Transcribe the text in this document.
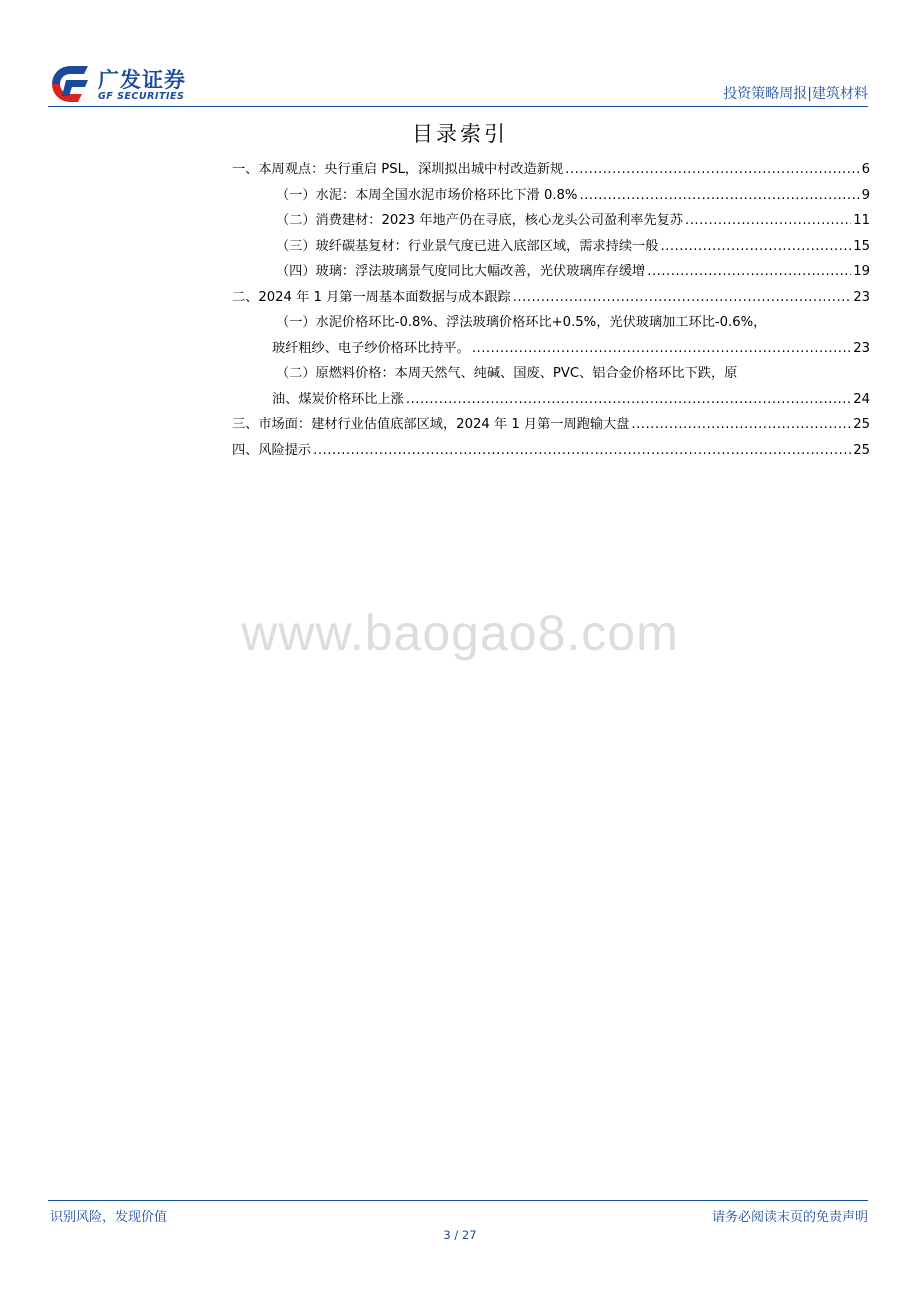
广发证券
GF SECURITIES	投资策略周报|建筑材料
目录索引
一、本周观点：央行重启 PSL，深圳拟出城中村改造新规 .....	6
（一）水泥：本周全国水泥市场价格环比下滑 0.8% .....	9
（二）消费建材：2023 年地产仍在寻底，核心龙头公司盈利率先复苏 .....	11
（三）玻纤碳基复材：行业景气度已进入底部区域，需求持续一般 .....	15
（四）玻璃：浮法玻璃景气度同比大幅改善，光伏玻璃库存缓增 .....	19
二、2024 年 1 月第一周基本面数据与成本跟踪 .....	23
（一）水泥价格环比-0.8%、浮法玻璃价格环比+0.5%，光伏玻璃加工环比-0.6%，
玻纤粗纱、电子纱价格环比持平。 .....	23
（二）原燃料价格：本周天然气、纯碱、国废、PVC、铝合金价格环比下跌，原
油、煤炭价格环比上涨 .....	24
三、市场面：建材行业估值底部区域，2024 年 1 月第一周跑输大盘 .....	25
四、风险提示 .....	25
www.baogao8.com
识别风险，发现价值	请务必阅读末页的免责声明
3 / 27
